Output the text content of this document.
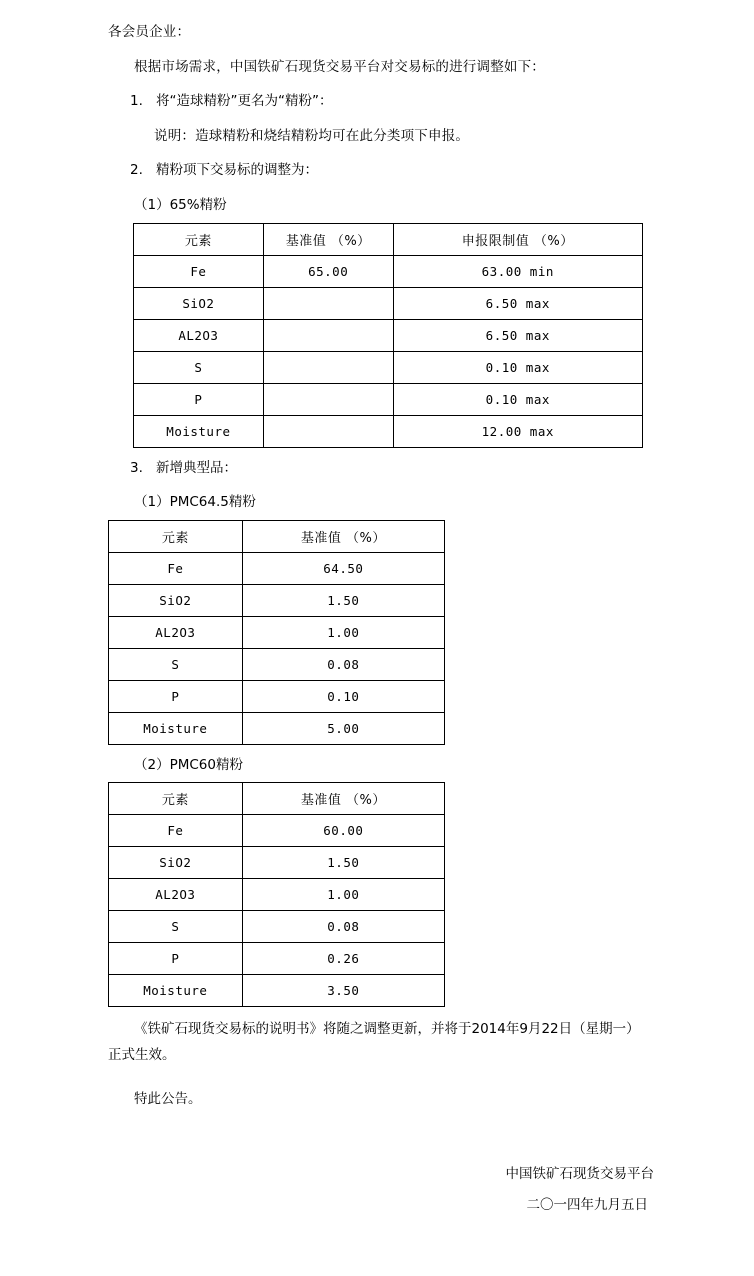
各会员企业：

根据市场需求，中国铁矿石现货交易平台对交易标的进行调整如下：

1. 将“造球精粉”更名为“精粉”：

说明：造球精粉和烧结精粉均可在此分类项下申报。

2. 精粉项下交易标的调整为：

（1）65%精粉

元素	基准值 （%）	申报限制值 （%）
Fe	65.00	63.00 min
SiO2		6.50 max
AL2O3		6.50 max
S		0.10 max
P		0.10 max
Moisture		12.00 max
3. 新增典型品：

（1）PMC64.5精粉

元素	基准值 （%）
Fe	64.50
SiO2	1.50
AL2O3	1.00
S	0.08
P	0.10
Moisture	5.00

（2）PMC60精粉

元素	基准值 （%）
Fe	60.00
SiO2	1.50
AL2O3	1.00
S	0.08
P	0.26
Moisture	3.50
《铁矿石现货交易标的说明书》将随之调整更新，并将于2014年9月22日（星期一）
正式生效。

特此公告。

中国铁矿石现货交易平台
二〇一四年九月五日
